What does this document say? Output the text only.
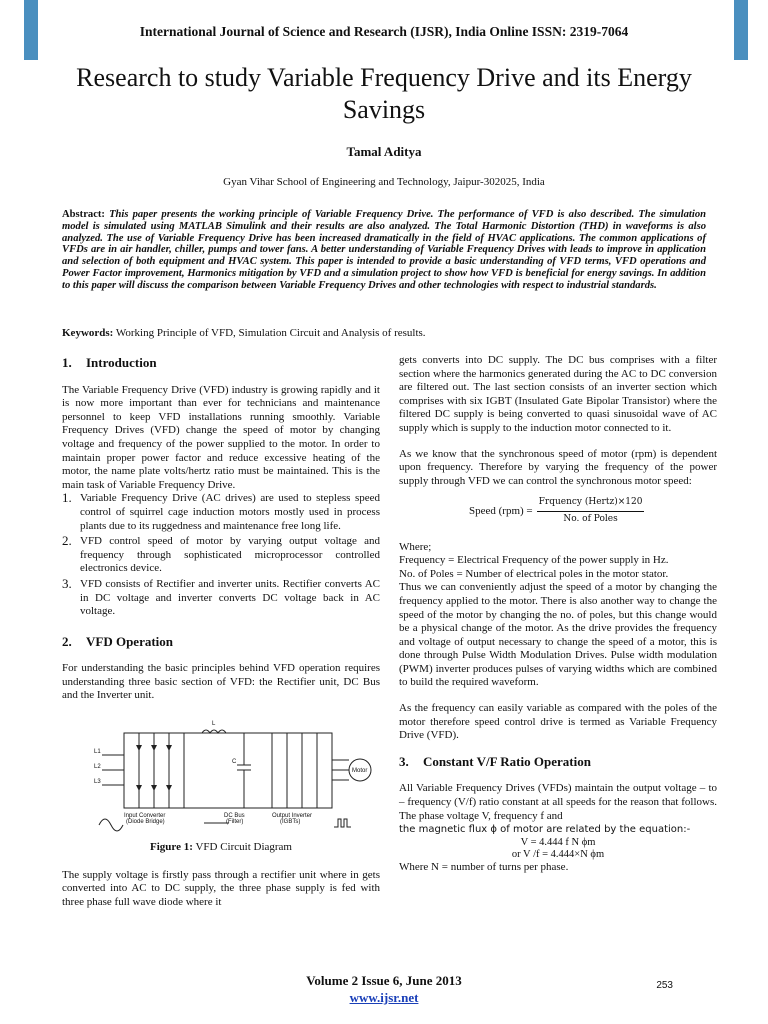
International Journal of Science and Research (IJSR), India Online ISSN: 2319-7064
Research to study Variable Frequency Drive and its Energy Savings
Tamal Aditya
Gyan Vihar School of Engineering and Technology, Jaipur-302025, India
Abstract: This paper presents the working principle of Variable Frequency Drive. The performance of VFD is also described. The simulation model is simulated using MATLAB Simulink and their results are also analyzed. The Total Harmonic Distortion (THD) in waveforms is also analyzed. The use of Variable Frequency Drive has been increased dramatically in the field of HVAC applications. The common applications of VFDs are in air handler, chiller, pumps and tower fans. A better understanding of Variable Frequency Drives with leads to improve in application and selection of both equipment and HVAC system. This paper is intended to provide a basic understanding of VFD terms, VFD operations and Power Factor improvement, Harmonics mitigation by VFD and a simulation project to show how VFD is beneficial for energy savings. In addition to this paper will discuss the comparison between Variable Frequency Drives and other technologies with respect to industrial standards.
Keywords: Working Principle of VFD, Simulation Circuit and Analysis of results.
1. Introduction

The Variable Frequency Drive (VFD) industry is growing rapidly and it is now more important than ever for technicians and maintenance personnel to keep VFD installations running smoothly. Variable Frequency Drives (VFD) change the speed of motor by changing voltage and frequency of the power supplied to the motor. In order to maintain proper power factor and reduce excessive heating of the motor, the name plate volts/hertz ratio must be maintained. This is the main task of Variable Frequency Drive.

1. Variable Frequency Drive (AC drives) are used to stepless speed control of squirrel cage induction motors mostly used in process plants due to its ruggedness and maintenance free long life.
2. VFD control speed of motor by varying output voltage and frequency through sophisticated microprocessor controlled electronics device.
3. VFD consists of Rectifier and inverter units. Rectifier converts AC in DC voltage and inverter converts DC voltage back in AC voltage.
2. VFD Operation

For understanding the basic principles behind VFD operation requires understanding three basic section of VFD: the Rectifier unit, DC Bus and the Inverter unit.

L1
L2
L3
L
C
Motor
Input Converter
(Diode Bridge)
DC Bus
(Filter)
Output Inverter
(IGBTs)
Figure 1: VFD Circuit Diagram

The supply voltage is firstly pass through a rectifier unit where in gets converted into AC to DC supply, the three phase supply is fed with three phase full wave diode where it

gets converts into DC supply. The DC bus comprises with a filter section where the harmonics generated during the AC to DC conversion are filtered out. The last section consists of an inverter section which comprises with six IGBT (Insulated Gate Bipolar Transistor) where the filtered DC supply is being converted to quasi sinusoidal wave of AC supply which is supply to the induction motor connected to it.

As we know that the synchronous speed of motor (rpm) is dependent upon frequency. Therefore by varying the frequency of the power supply through VFD we can control the synchronous motor speed:

Speed $(rpm) = \frac{\text{Frquency (Hertz)×120}}{\text{No. of Poles}}$
Where;
Frequency = Electrical Frequency of the power supply in Hz.
No. of Poles = Number of electrical poles in the motor stator.

Thus we can conveniently adjust the speed of a motor by changing the frequency applied to the motor. There is also another way to change the speed of the motor by changing the no. of poles, but this change would be a physical change of the motor. As the drive provides the frequency and voltage of output necessary to change the speed of a motor, this is done through Pulse Width Modulation Drives. Pulse width modulation (PWM) inverter produces pulses of varying widths which are combined to build the required waveform.

As the frequency can easily variable as compared with the poles of the motor therefore speed control drive is termed as Variable Frequency Drive (VFD).

3. Constant V/F Ratio Operation
All Variable Frequency Drives (VFDs) maintain the output voltage – to – frequency (V/f) ratio constant at all speeds for the reason that follows. The phase voltage V, frequency f and
the magnetic flux ϕ of motor are related by the equation:-
V = 4.444 f N ϕm
or V /f = 4.444×N ϕm
Where N = number of turns per phase.
Volume 2 Issue 6, June 2013
www.ijsr.net
253
